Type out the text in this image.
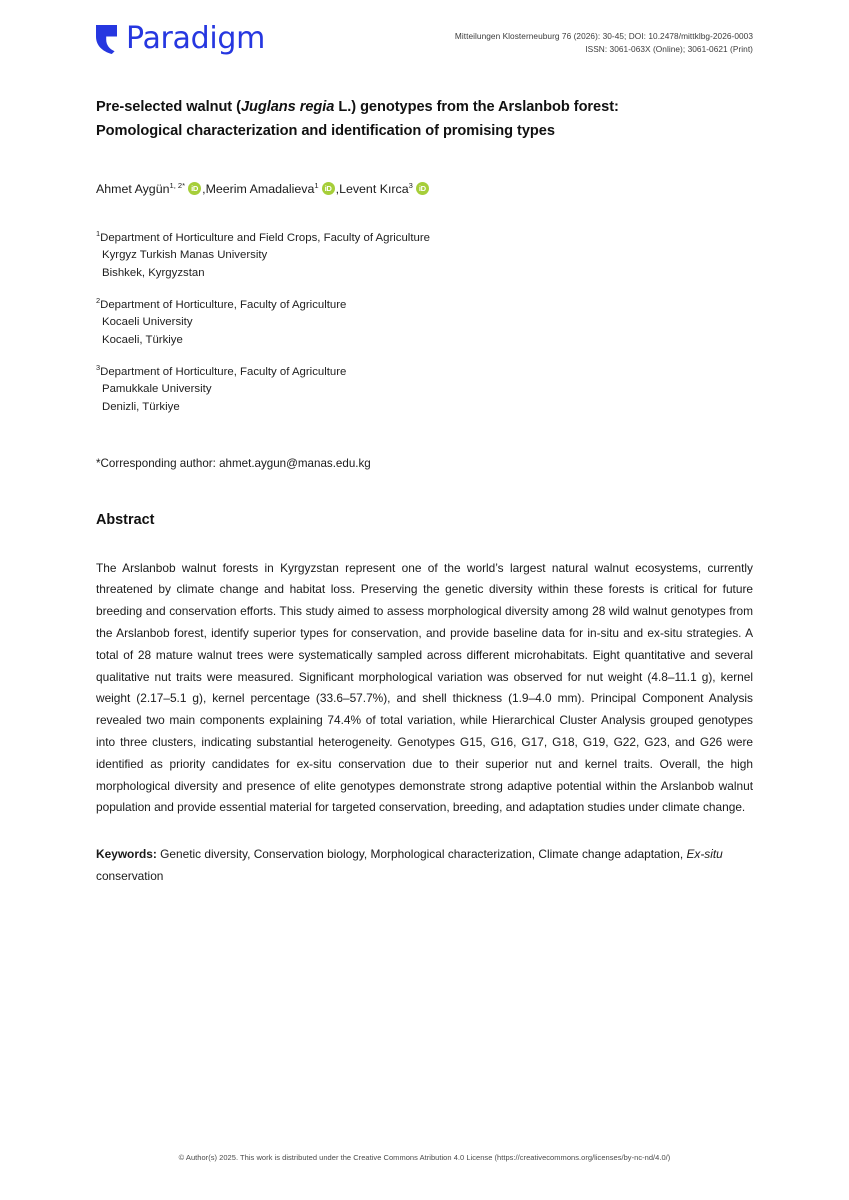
Paradigm	Mitteilungen Klosterneuburg 76 (2026): 30-45; DOI: 10.2478/mittklbg-2026-0003
ISSN: 3061-063X (Online); 3061-0621 (Print)
Pre-selected walnut (Juglans regia L.) genotypes from the Arslanbob forest:
Pomological characterization and identification of promising types
Ahmet Aygün$^{1, 2*}$ iD , Meerim Amadalieva$^1$ iD , Levent Kırca$^3$ iD
$^1$Department of Horticulture and Field Crops, Faculty of Agriculture
Kyrgyz Turkish Manas University
Bishkek, Kyrgyzstan
$^2$Department of Horticulture, Faculty of Agriculture
Kocaeli University
Kocaeli, Türkiye
$^3$Department of Horticulture, Faculty of Agriculture
Pamukkale University
Denizli, Türkiye
*Corresponding author: ahmet.aygun@manas.edu.kg
Abstract

The Arslanbob walnut forests in Kyrgyzstan represent one of the world’s largest natural walnut ecosystems, currently threatened by climate change and habitat loss. Preserving the genetic diversity within these forests is critical for future breeding and conservation efforts. This study aimed to assess morphological diversity among 28 wild walnut genotypes from the Arslanbob forest, identify superior types for conservation, and provide baseline data for in-situ and ex-situ strategies. A total of 28 mature walnut trees were systematically sampled across different microhabitats. Eight quantitative and several qualitative nut traits were measured. Significant morphological variation was observed for nut weight (4.8–11.1 g), kernel weight (2.17–5.1 g), kernel percentage (33.6–57.7%), and shell thickness (1.9–4.0 mm). Principal Component Analysis revealed two main components explaining 74.4% of total variation, while Hierarchical Cluster Analysis grouped genotypes into three clusters, indicating substantial heterogeneity. Genotypes G15, G16, G17, G18, G19, G22, G23, and G26 were identified as priority candidates for ex-situ conservation due to their superior nut and kernel traits. Overall, the high morphological diversity and presence of elite genotypes demonstrate strong adaptive potential within the Arslanbob walnut population and provide essential material for targeted conservation, breeding, and adaptation studies under climate change.

Keywords: Genetic diversity, Conservation biology, Morphological characterization, Climate change adaptation, Ex-situ conservation

© Author(s) 2025. This work is distributed under the Creative Commons Atribution 4.0 License (https://creativecommons.org/licenses/by-nc-nd/4.0/)
